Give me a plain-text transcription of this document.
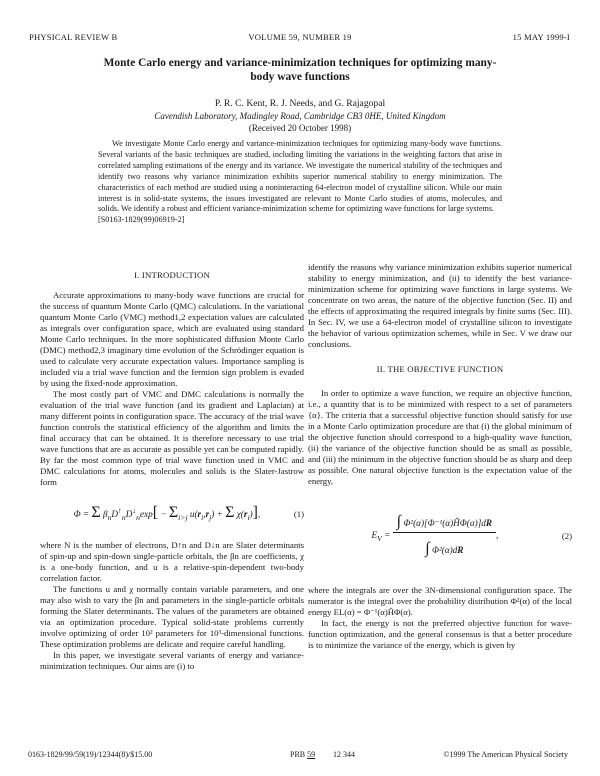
PHYSICAL REVIEW B	VOLUME 59, NUMBER 19	15 MAY 1999-I
Monte Carlo energy and variance-minimization techniques for optimizing many-body wave functions
P. R. C. Kent, R. J. Needs, and G. Rajagopal
Cavendish Laboratory, Madingley Road, Cambridge CB3 0HE, United Kingdom
(Received 20 October 1998)

We investigate Monte Carlo energy and variance-minimization techniques for optimizing many-body wave functions. Several variants of the basic techniques are studied, including limiting the variations in the weighting factors that arise in correlated sampling estimations of the energy and its variance. We investigate the numerical stability of the techniques and identify two reasons why variance minimization exhibits superior numerical stability to energy minimization. The characteristics of each method are studied using a noninteracting 64-electron model of crystalline silicon. While our main interest is in solid-state systems, the issues investigated are relevant to Monte Carlo studies of atoms, molecules, and solids. We identify a robust and efficient variance-minimization scheme for optimizing wave functions for large systems.

[S0163-1829(99)06919-2]
I. INTRODUCTION

Accurate approximations to many-body wave functions are crucial for the success of quantum Monte Carlo (QMC) calculations. In the variational quantum Monte Carlo (VMC) method1,2 expectation values are calculated as integrals over configuration space, which are evaluated using standard Monte Carlo techniques. In the more sophisticated diffusion Monte Carlo (DMC) method2,3 imaginary time evolution of the Schrödinger equation is used to calculate very accurate expectation values. Importance sampling is included via a trial wave function and the fermion sign problem is evaded by using the fixed-node approximation.

The most costly part of VMC and DMC calculations is normally the evaluation of the trial wave function (and its gradient and Laplacian) at many different points in configuration space. The accuracy of the trial wave function controls the statistical efficiency of the algorithm and limits the final accuracy that can be obtained. It is therefore necessary to use trial wave functions that are as accurate as possible yet can be computed rapidly. By far the most common type of trial wave function used in VMC and DMC calculations for atoms, molecules and solids is the Slater-Jastrow form

Φ = Σ $\beta_nD^↑_nD^↓_n\exp[ - \Sigma_{i>j}$ $u(r_i,r_j) + \Sigma$ $\chi(r_i)$],	(1)

where N is the number of electrons, D↑n and D↓n are Slater determinants of spin-up and spin-down single-particle orbitals, the βn are coefficients, χ is a one-body function, and u is a relative-spin-dependent two-body correlation factor.

The functions u and χ normally contain variable parameters, and one may also wish to vary the βn and parameters in the single-particle orbitals forming the Slater determinants. The values of the parameters are obtained via an optimization procedure. Typical solid-state problems currently involve optimizing of order 10² parameters for 10³-dimensional functions. These optimization problems are delicate and require careful handling.

In this paper, we investigate several variants of energy and variance-minimization techniques. Our aims are (i) to

identify the reasons why variance minimization exhibits superior numerical stability to energy minimization, and (ii) to identify the best variance-minimization scheme for optimizing wave functions in large systems. We concentrate on two areas, the nature of the objective function (Sec. II) and the effects of approximating the required integrals by finite sums (Sec. III). In Sec. IV, we use a 64-electron model of crystalline silicon to investigate the behavior of various optimization schemes, while in Sec. V we draw our conclusions.

II. THE OBJECTIVE FUNCTION

In order to optimize a wave function, we require an objective function, i.e., a quantity that is to be minimized with respect to a set of parameters {α}. The criteria that a successful objective function should satisfy for use in a Monte Carlo optimization procedure are that (i) the global minimum of the objective function should correspond to a high-quality wave function, (ii) the variance of the objective function should be as small as possible, and (iii) the minimum in the objective function should be as sharp and deep as possible. One natural objective function is the expectation value of the energy,

$E_V = \frac{\text{∫ Φ²(α)[Φ⁻¹(α)ĤΦ(α)]dR}}{\text{∫ Φ²(α)dR}}$ ,	(2)

where the integrals are over the 3N-dimensional configuration space. The numerator is the integral over the probability distribution Φ²(α) of the local energy EL(α) = Φ⁻¹(α)ĤΦ(α).

In fact, the energy is not the preferred objective function for wave-function optimization, and the general consensus is that a better procedure is to minimize the variance of the energy, which is given by

0163-1829/99/59(19)/12344(8)/$15.00	PRB 59 12 344	©1999 The American Physical Society
